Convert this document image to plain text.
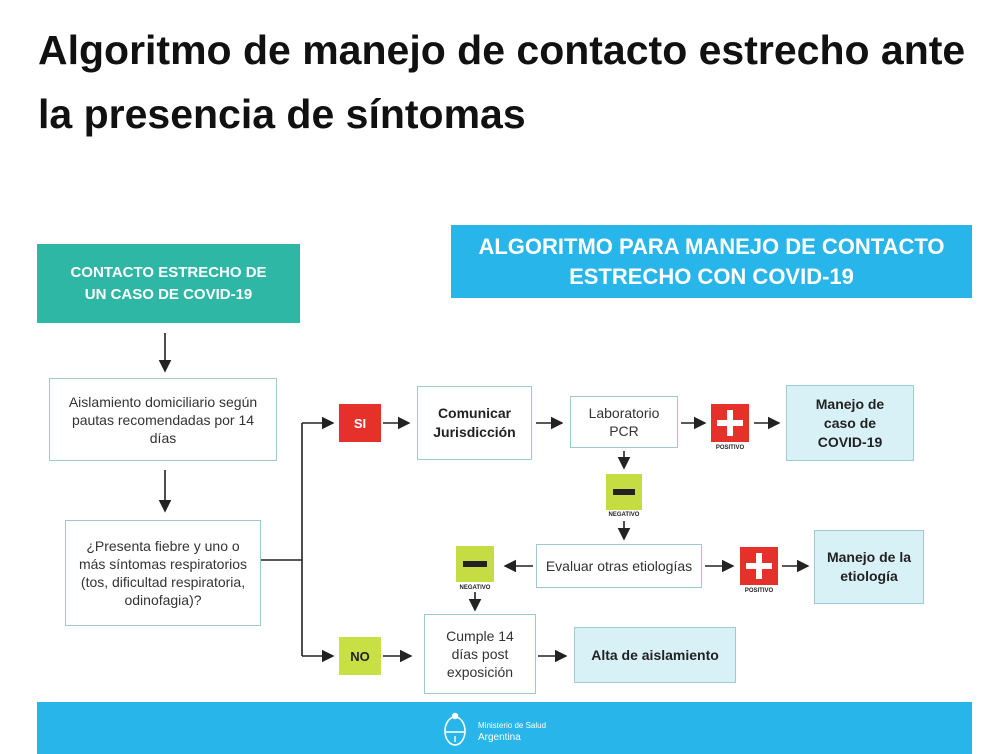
Algoritmo de manejo de contacto estrecho ante la presencia de síntomas
CONTACTO ESTRECHO DE UN CASO DE COVID-19
ALGORITMO PARA MANEJO DE CONTACTO ESTRECHO CON COVID-19
Aislamiento domiciliario según pautas recomendadas por 14 días
¿Presenta fiebre y uno o más síntomas respiratorios (tos, dificultad respiratoria, odinofagia)?
SI
NO
Comunicar Jurisdicción
Laboratorio PCR
POSITIVO
Manejo de caso de COVID-19
NEGATIVO
Evaluar otras etiologías
NEGATIVO	POSITIVO
Manejo de la etiología
Cumple 14 días post exposición
Alta de aislamiento
Ministerio de Salud
Argentina
